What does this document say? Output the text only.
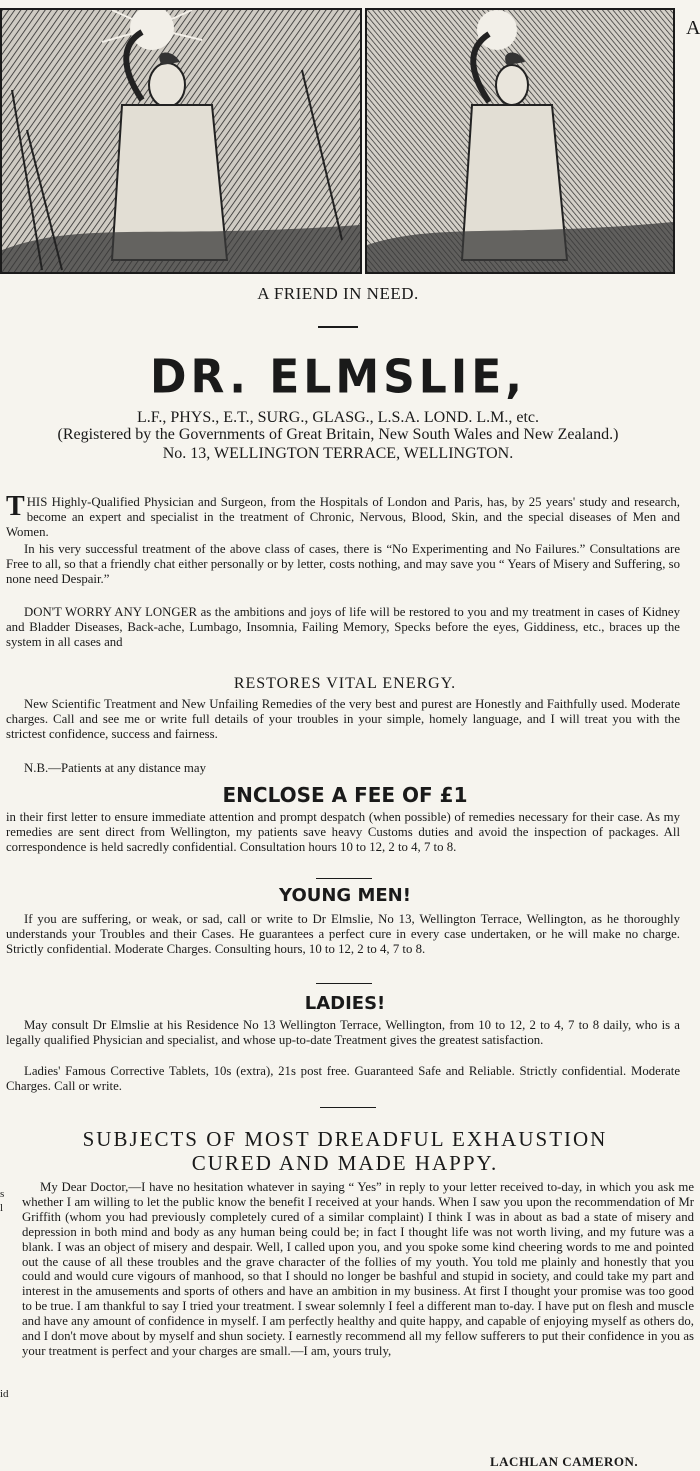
A
A FRIEND IN NEED.
DR. ELMSLIE,
L.F., PHYS., E.T., SURG., GLASG., L.S.A. LOND. L.M., etc.
(Registered by the Governments of Great Britain, New South Wales and New Zealand.)
No. 13, WELLINGTON TERRACE, WELLINGTON.

THIS Highly-Qualified Physician and Surgeon, from the Hospitals of London and Paris, has, by 25 years' study and research, become an expert and specialist in the treatment of Chronic, Nervous, Blood, Skin, and the special diseases of Men and Women.

In his very successful treatment of the above class of cases, there is “No Experimenting and No Failures.” Consultations are Free to all, so that a friendly chat either personally or by letter, costs nothing, and may save you “ Years of Misery and Suffering, so none need Despair.”

DON'T WORRY ANY LONGER as the ambitions and joys of life will be restored to you and my treatment in cases of Kidney and Bladder Diseases, Back-ache, Lumbago, Insomnia, Failing Memory, Specks before the eyes, Giddiness, etc., braces up the system in all cases and

RESTORES VITAL ENERGY.

New Scientific Treatment and New Unfailing Remedies of the very best and purest are Honestly and Faithfully used. Moderate charges. Call and see me or write full details of your troubles in your simple, homely language, and I will treat you with the strictest confidence, success and fairness.

N.B.—Patients at any distance may

ENCLOSE A FEE OF £1

in their first letter to ensure immediate attention and prompt despatch (when possible) of remedies necessary for their case. As my remedies are sent direct from Wellington, my patients save heavy Customs duties and avoid the inspection of packages. All correspondence is held sacredly confidential. Consultation hours 10 to 12, 2 to 4, 7 to 8.

YOUNG MEN!

If you are suffering, or weak, or sad, call or write to Dr Elmslie, No 13, Wellington Terrace, Wellington, as he thoroughly understands your Troubles and their Cases. He guarantees a perfect cure in every case undertaken, or he will make no charge. Strictly confidential. Moderate Charges. Consulting hours, 10 to 12, 2 to 4, 7 to 8.

LADIES!

May consult Dr Elmslie at his Residence No 13 Wellington Terrace, Wellington, from 10 to 12, 2 to 4, 7 to 8 daily, who is a legally qualified Physician and specialist, and whose up-to-date Treatment gives the greatest satisfaction.

Ladies' Famous Corrective Tablets, 10s (extra), 21s post free. Guaranteed Safe and Reliable. Strictly confidential. Moderate Charges. Call or write.

SUBJECTS OF MOST DREADFUL EXHAUSTION
CURED AND MADE HAPPY.

My Dear Doctor,—I have no hesitation whatever in saying “ Yes” in reply to your letter received to-day, in which you ask me whether I am willing to let the public know the benefit I received at your hands. When I saw you upon the recommendation of Mr Griffith (whom you had previously completely cured of a similar complaint) I think I was in about as bad a state of misery and depression in both mind and body as any human being could be; in fact I thought life was not worth living, and my future was a blank. I was an object of misery and despair. Well, I called upon you, and you spoke some kind cheering words to me and pointed out the cause of all these troubles and the grave character of the follies of my youth. You told me plainly and honestly that you could and would cure vigours of manhood, so that I should no longer be bashful and stupid in society, and could take my part and interest in the amusements and sports of others and have an ambition in my business. At first I thought your promise was too good to be true. I am thankful to say I tried your treatment. I swear solemnly I feel a different man to-day. I have put on flesh and muscle and have any amount of confidence in myself. I am perfectly healthy and quite happy, and capable of enjoying myself as others do, and I don't move about by myself and shun society. I earnestly recommend all my fellow sufferers to put their confidence in you as your treatment is perfect and your charges are small.—I am, yours truly,

LACHLAN CAMERON.
s
l
id
